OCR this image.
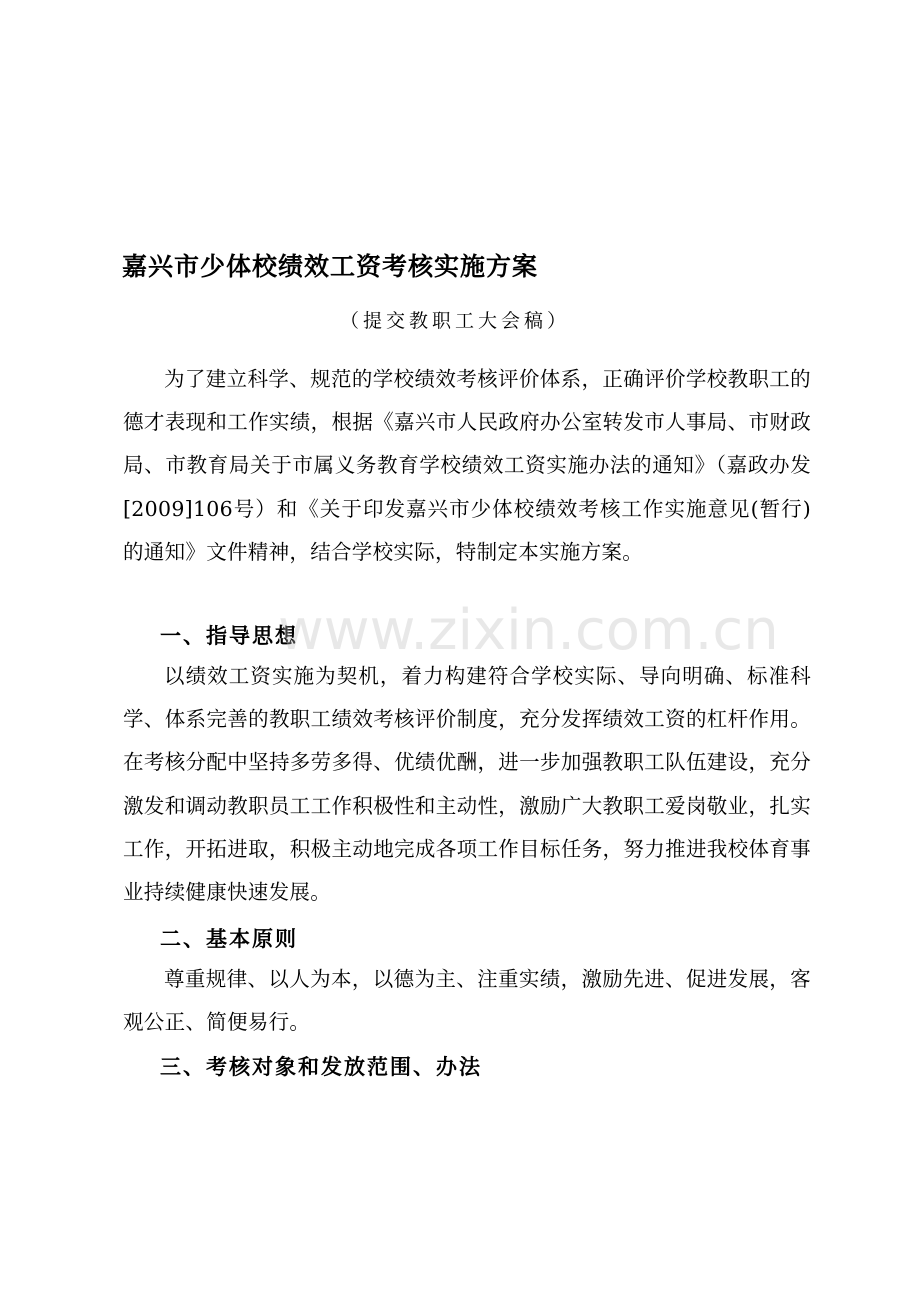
嘉兴市少体校绩效工资考核实施方案
（提交教职工大会稿）

为了建立科学、规范的学校绩效考核评价体系，正确评价学校教职工的德才表现和工作实绩，根据《嘉兴市人民政府办公室转发市人事局、市财政局、市教育局关于市属义务教育学校绩效工资实施办法的通知》（嘉政办发[2009]106号）和《关于印发嘉兴市少体校绩效考核工作实施意见(暂行)的通知》文件精神，结合学校实际，特制定本实施方案。

一、指导思想

以绩效工资实施为契机，着力构建符合学校实际、导向明确、标准科学、体系完善的教职工绩效考核评价制度，充分发挥绩效工资的杠杆作用。在考核分配中坚持多劳多得、优绩优酬，进一步加强教职工队伍建设，充分激发和调动教职员工工作积极性和主动性，激励广大教职工爱岗敬业，扎实工作，开拓进取，积极主动地完成各项工作目标任务，努力推进我校体育事业持续健康快速发展。

二、基本原则

尊重规律、以人为本，以德为主、注重实绩，激励先进、促进发展，客观公正、简便易行。

三、考核对象和发放范围、办法

www.zixin.com.cn
